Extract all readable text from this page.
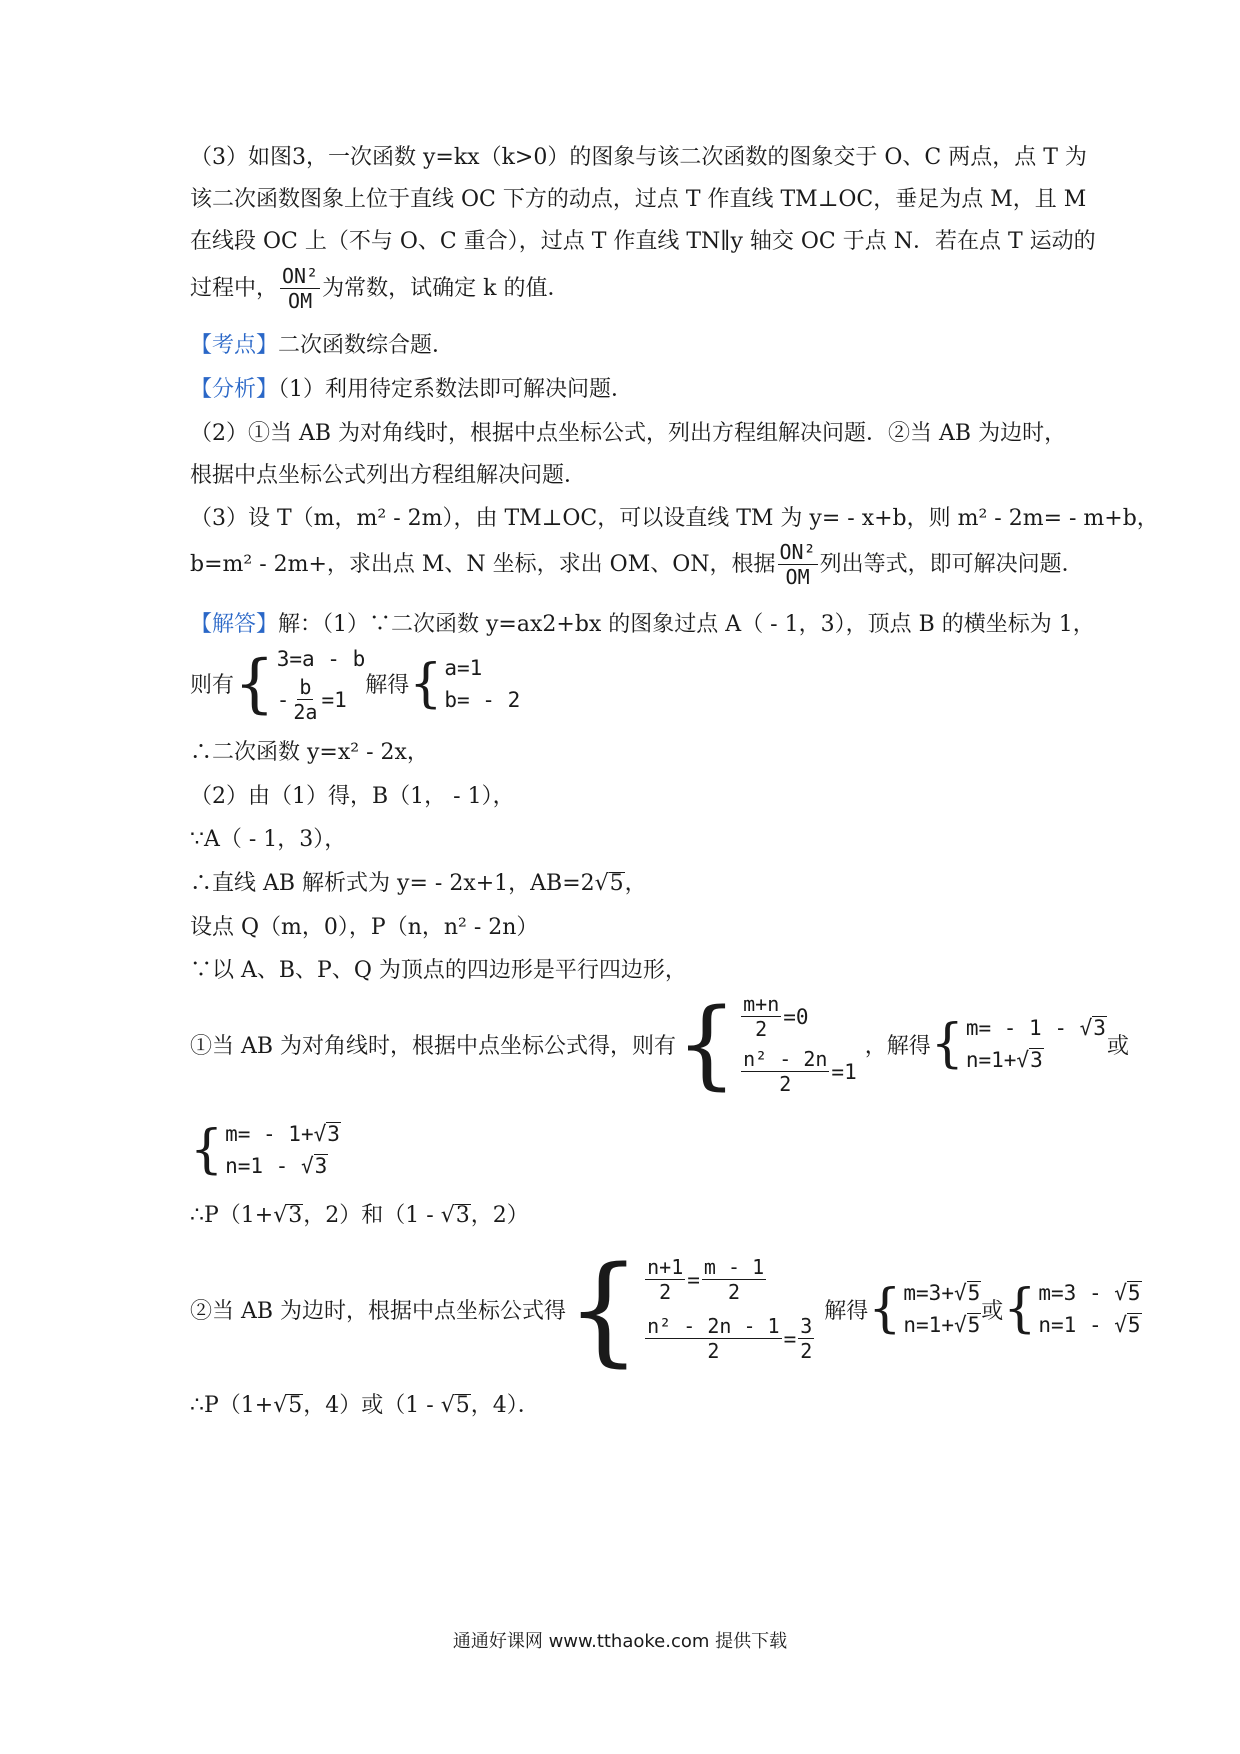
（3）如图3，一次函数 y=kx（k>0）的图象与该二次函数的图象交于 O、C 两点，点 T 为
该二次函数图象上位于直线 OC 下方的动点，过点 T 作直线 TM⊥OC，垂足为点 M，且 M
在线段 OC 上（不与 O、C 重合），过点 T 作直线 TN∥y 轴交 OC 于点 N．若在点 T 运动的
过程中， $\frac{\text{ON²}}{OM}$ 为常数，试确定 k 的值．
【考点】二次函数综合题．
【分析】（1）利用待定系数法即可解决问题．
（2）①当 AB 为对角线时，根据中点坐标公式，列出方程组解决问题．②当 AB 为边时，
根据中点坐标公式列出方程组解决问题．
（3）设 T（m，m² - 2m），由 TM⊥OC，可以设直线 TM 为 y= - x+b，则 m² - 2m= - m+b，
b=m² - 2m+，求出点 M、N 坐标，求出 OM、ON，根据 $\frac{\text{ON²}}{OM}$ 列出等式，即可解决问题．
【解答】解：（1）∵二次函数 y=ax2+bx 的图象过点 A（ - 1，3），顶点 B 的横坐标为 1，
则有 { 3=a - b
- $\frac{b}{2a} =1$
解得 { a=1
b= - 2
∴二次函数 y=x² - 2x，
（2）由（1）得，B（1， - 1），
∵A（ - 1，3），
∴直线 AB 解析式为 y= - 2x+1，AB=2√5，
设点 Q（m，0），P（n，n² - 2n）
∵以 A、B、P、Q 为顶点的四边形是平行四边形，
①当 AB 为对角线时，根据中点坐标公式得，则有 { $\frac{m+n}{2} =0$
$\frac{\text{n² - 2n}}{2} =1$
，解得 { m= - 1 - √3
n=1+√3
或
{ m= - 1+√3
n=1 - √3
∴P（1+√3，2）和（1 - √3，2）
②当 AB 为边时，根据中点坐标公式得 { $\frac{n+1}{2} = \frac{m - 1}{2}$
$\frac{\text{n² - 2n - 1}}{2} = \frac{3}{2}$
解得 { m=3+√5
n=1+√5
或 { m=3 - √5
n=1 - √5
∴P（1+√5，4）或（1 - √5，4）．
通通好课网 www.tthaoke.com 提供下载
